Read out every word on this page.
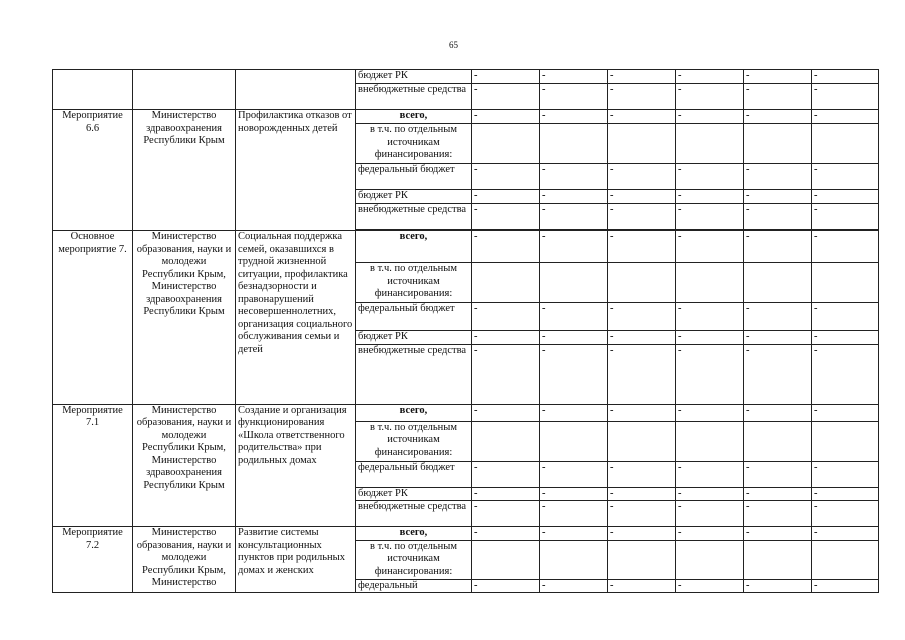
65
			бюджет РК	-	-	-	-	-	-
			внебюджетные средства	-	-	-	-	-	-
Мероприятие 6.6	Министерство здравоохранения Республики Крым	Профилактика отказов от новорожденных детей	всего,	-	-	-	-	-	-
			в т.ч. по отдельным источникам финансирования:						
			федеральный бюджет	-	-	-	-	-	-
			бюджет РК	-	-	-	-	-	-
			внебюджетные средства	-	-	-	-	-	-

Основное мероприятие 7.	Министерство образования, науки и молодежи Республики Крым, Министерство здравоохранения Республики Крым	Социальная поддержка семей, оказавшихся в трудной жизненной ситуации, профилактика безнадзорности и правонарушений несовершеннолетних, организация социального обслуживания семьи и детей	всего,	-	-	-	-	-	-
			в т.ч. по отдельным источникам финансирования:						
			федеральный бюджет	-	-	-	-	-	-
			бюджет РК	-	-	-	-	-	-
			внебюджетные средства	-	-	-	-	-	-
Мероприятие 7.1	Министерство образования, науки и молодежи Республики Крым, Министерство здравоохранения Республики Крым	Создание и организация функционирования «Школа ответственного родительства» при родильных домах	всего,	-	-	-	-	-	-
			в т.ч. по отдельным источникам финансирования:						
			федеральный бюджет	-	-	-	-	-	-
			бюджет РК	-	-	-	-	-	-
			внебюджетные средства	-	-	-	-	-	-
Мероприятие 7.2	Министерство образования, науки и молодежи Республики Крым, Министерство	Развитие системы консультационных пунктов при родильных домах и женских	всего,	-	-	-	-	-	-
			в т.ч. по отдельным источникам финансирования:						
			федеральный	-	-	-	-	-	-
